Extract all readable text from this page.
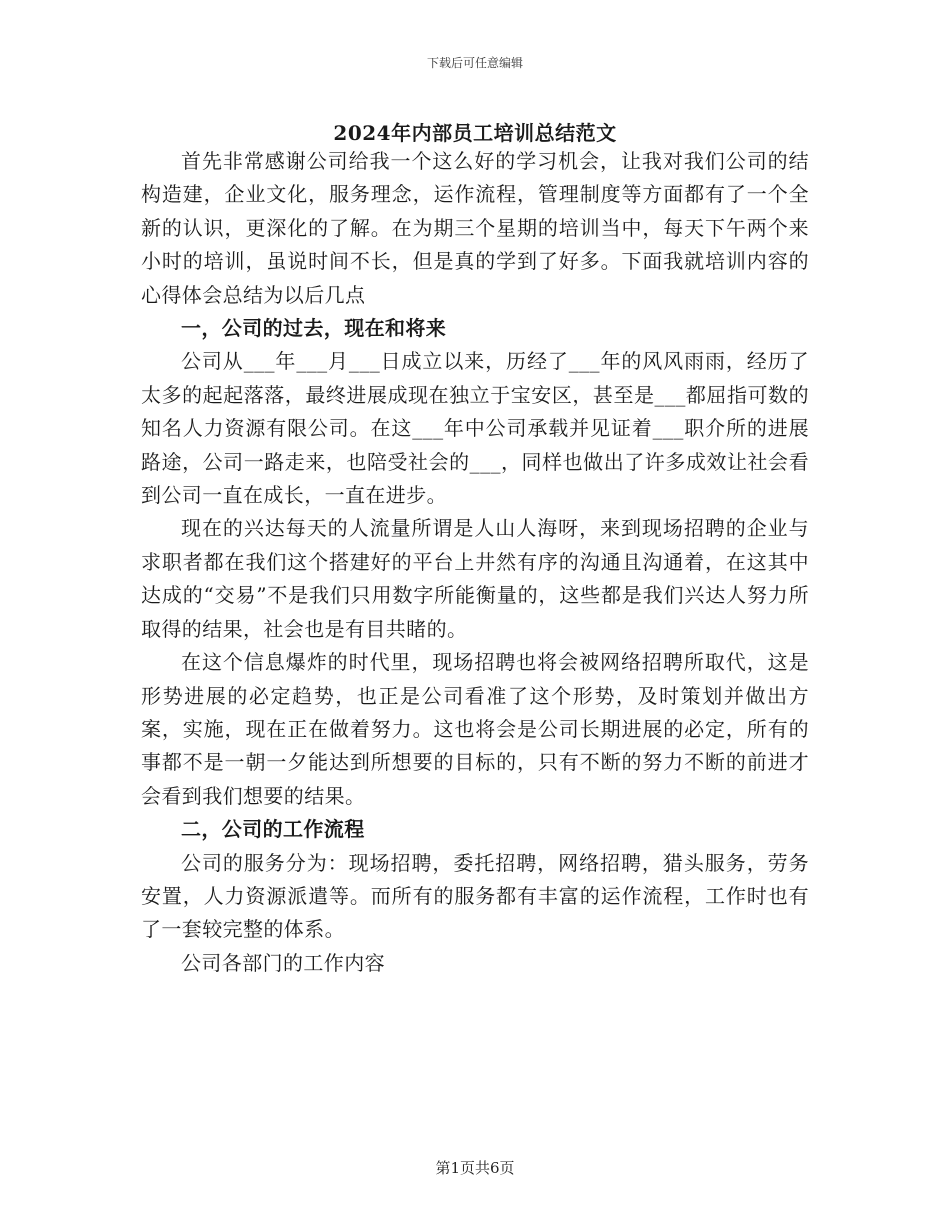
下载后可任意编辑
2024年内部员工培训总结范文

首先非常感谢公司给我一个这么好的学习机会，让我对我们公司的结构造建，企业文化，服务理念，运作流程，管理制度等方面都有了一个全新的认识，更深化的了解。在为期三个星期的培训当中，每天下午两个来小时的培训，虽说时间不长，但是真的学到了好多。下面我就培训内容的心得体会总结为以后几点

一，公司的过去，现在和将来

公司从___年___月___日成立以来，历经了___年的风风雨雨，经历了太多的起起落落，最终进展成现在独立于宝安区，甚至是___都屈指可数的知名人力资源有限公司。在这___年中公司承载并见证着___职介所的进展路途，公司一路走来，也陪受社会的___，同样也做出了许多成效让社会看到公司一直在成长，一直在进步。

现在的兴达每天的人流量所谓是人山人海呀，来到现场招聘的企业与求职者都在我们这个搭建好的平台上井然有序的沟通且沟通着，在这其中达成的“交易”不是我们只用数字所能衡量的，这些都是我们兴达人努力所取得的结果，社会也是有目共睹的。

在这个信息爆炸的时代里，现场招聘也将会被网络招聘所取代，这是形势进展的必定趋势，也正是公司看准了这个形势，及时策划并做出方案，实施，现在正在做着努力。这也将会是公司长期进展的必定，所有的事都不是一朝一夕能达到所想要的目标的，只有不断的努力不断的前进才会看到我们想要的结果。

二，公司的工作流程

公司的服务分为：现场招聘，委托招聘，网络招聘，猎头服务，劳务安置，人力资源派遣等。而所有的服务都有丰富的运作流程，工作时也有了一套较完整的体系。

公司各部门的工作内容

第1页共6页
